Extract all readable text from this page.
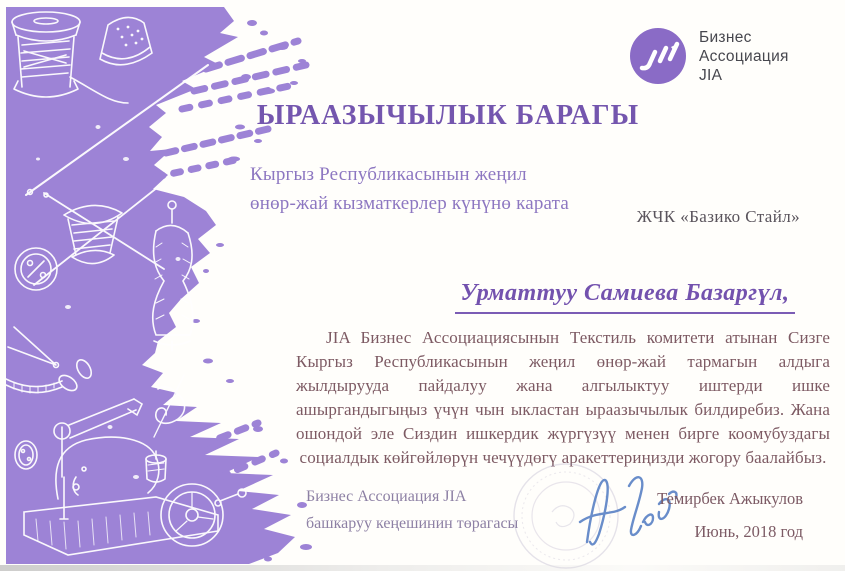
Бизнес
Ассоциация
JIA
ЫРААЗЫЧЫЛЫК БАРАГЫ
Кыргыз Республикасынын жеңил
өнөр-жай кызматкерлер күнүнө карата
ЖЧК «Базико Стайл»
Урматтуу Самиева Базаргүл,
JIA Бизнес Ассоциациясынын Текстиль комитети атынан Сизге Кыргыз Республикасынын жеңил өнөр-жай тармагын алдыга жылдырууда пайдалуу жана алгылыктуу иштерди ишке ашыргандыгыңыз үчүн чын ыкластан ыраазычылык билдиребиз. Жана ошондой эле Сиздин ишкердик жүргүзүү менен бирге коомубуздагы социалдык көйгөйлөрүн чечүүдөгү аракеттериңизди жогору баалайбыз.
Бизнес Ассоциация JIA
башкаруу кеңешинин төрагасы
Темирбек Ажыкулов
Июнь, 2018 год
